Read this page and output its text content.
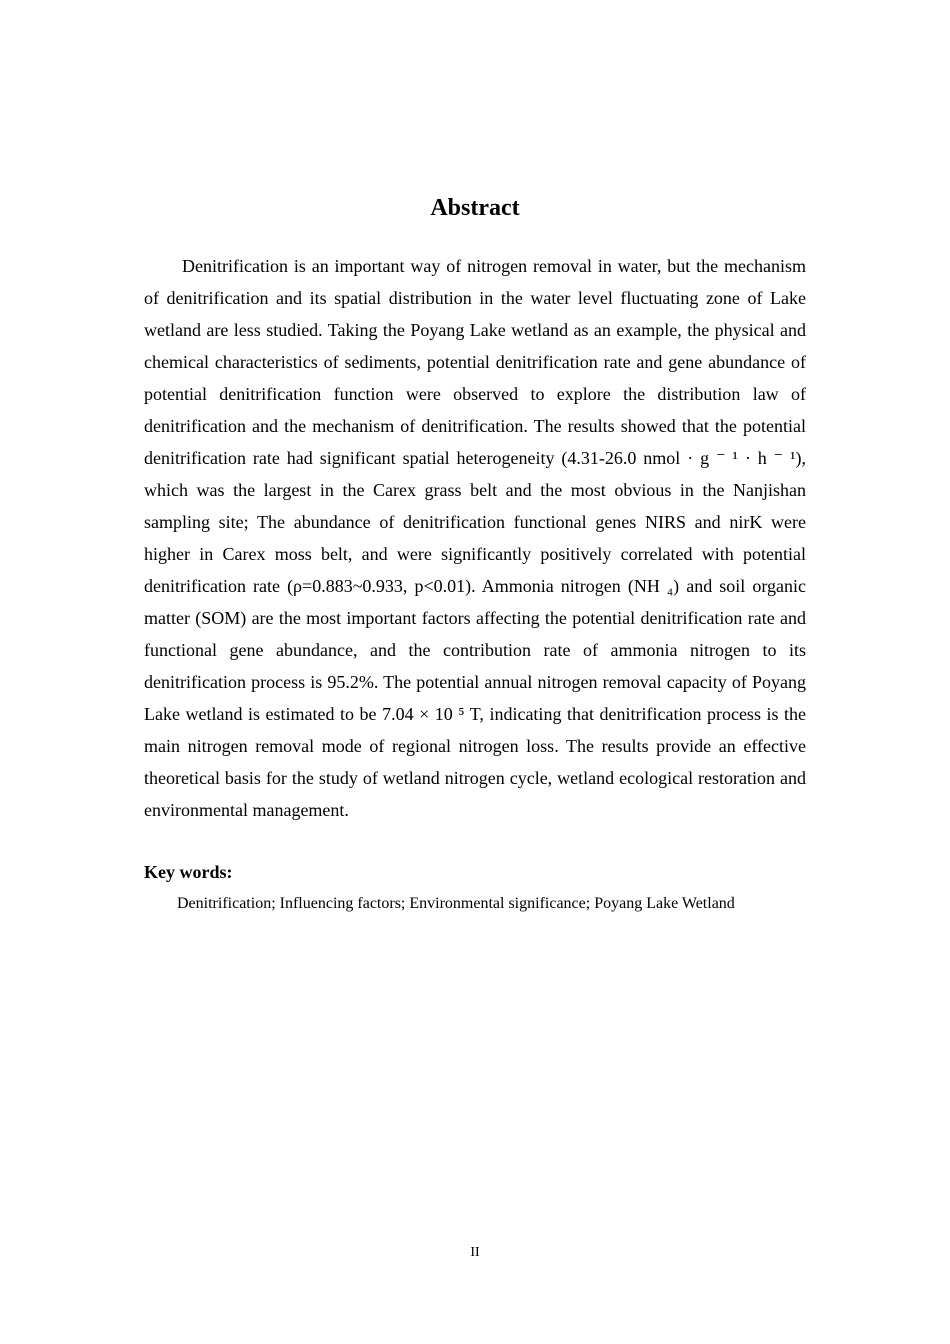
Abstract

Denitrification is an important way of nitrogen removal in water, but the mechanism of denitrification and its spatial distribution in the water level fluctuating zone of Lake wetland are less studied. Taking the Poyang Lake wetland as an example, the physical and chemical characteristics of sediments, potential denitrification rate and gene abundance of potential denitrification function were observed to explore the distribution law of denitrification and the mechanism of denitrification. The results showed that the potential denitrification rate had significant spatial heterogeneity (4.31-26.0 nmol · g ⁻ ¹ · h ⁻ ¹), which was the largest in the Carex grass belt and the most obvious in the Nanjishan sampling site; The abundance of denitrification functional genes NIRS and nirK were higher in Carex moss belt, and were significantly positively correlated with potential denitrification rate (ρ=0.883~0.933, p<0.01). Ammonia nitrogen (NH ₄) and soil organic matter (SOM) are the most important factors affecting the potential denitrification rate and functional gene abundance, and the contribution rate of ammonia nitrogen to its denitrification process is 95.2%. The potential annual nitrogen removal capacity of Poyang Lake wetland is estimated to be 7.04 × 10 ⁵ T, indicating that denitrification process is the main nitrogen removal mode of regional nitrogen loss. The results provide an effective theoretical basis for the study of wetland nitrogen cycle, wetland ecological restoration and environmental management.

Key words:
Denitrification; Influencing factors; Environmental significance; Poyang Lake Wetland
II
